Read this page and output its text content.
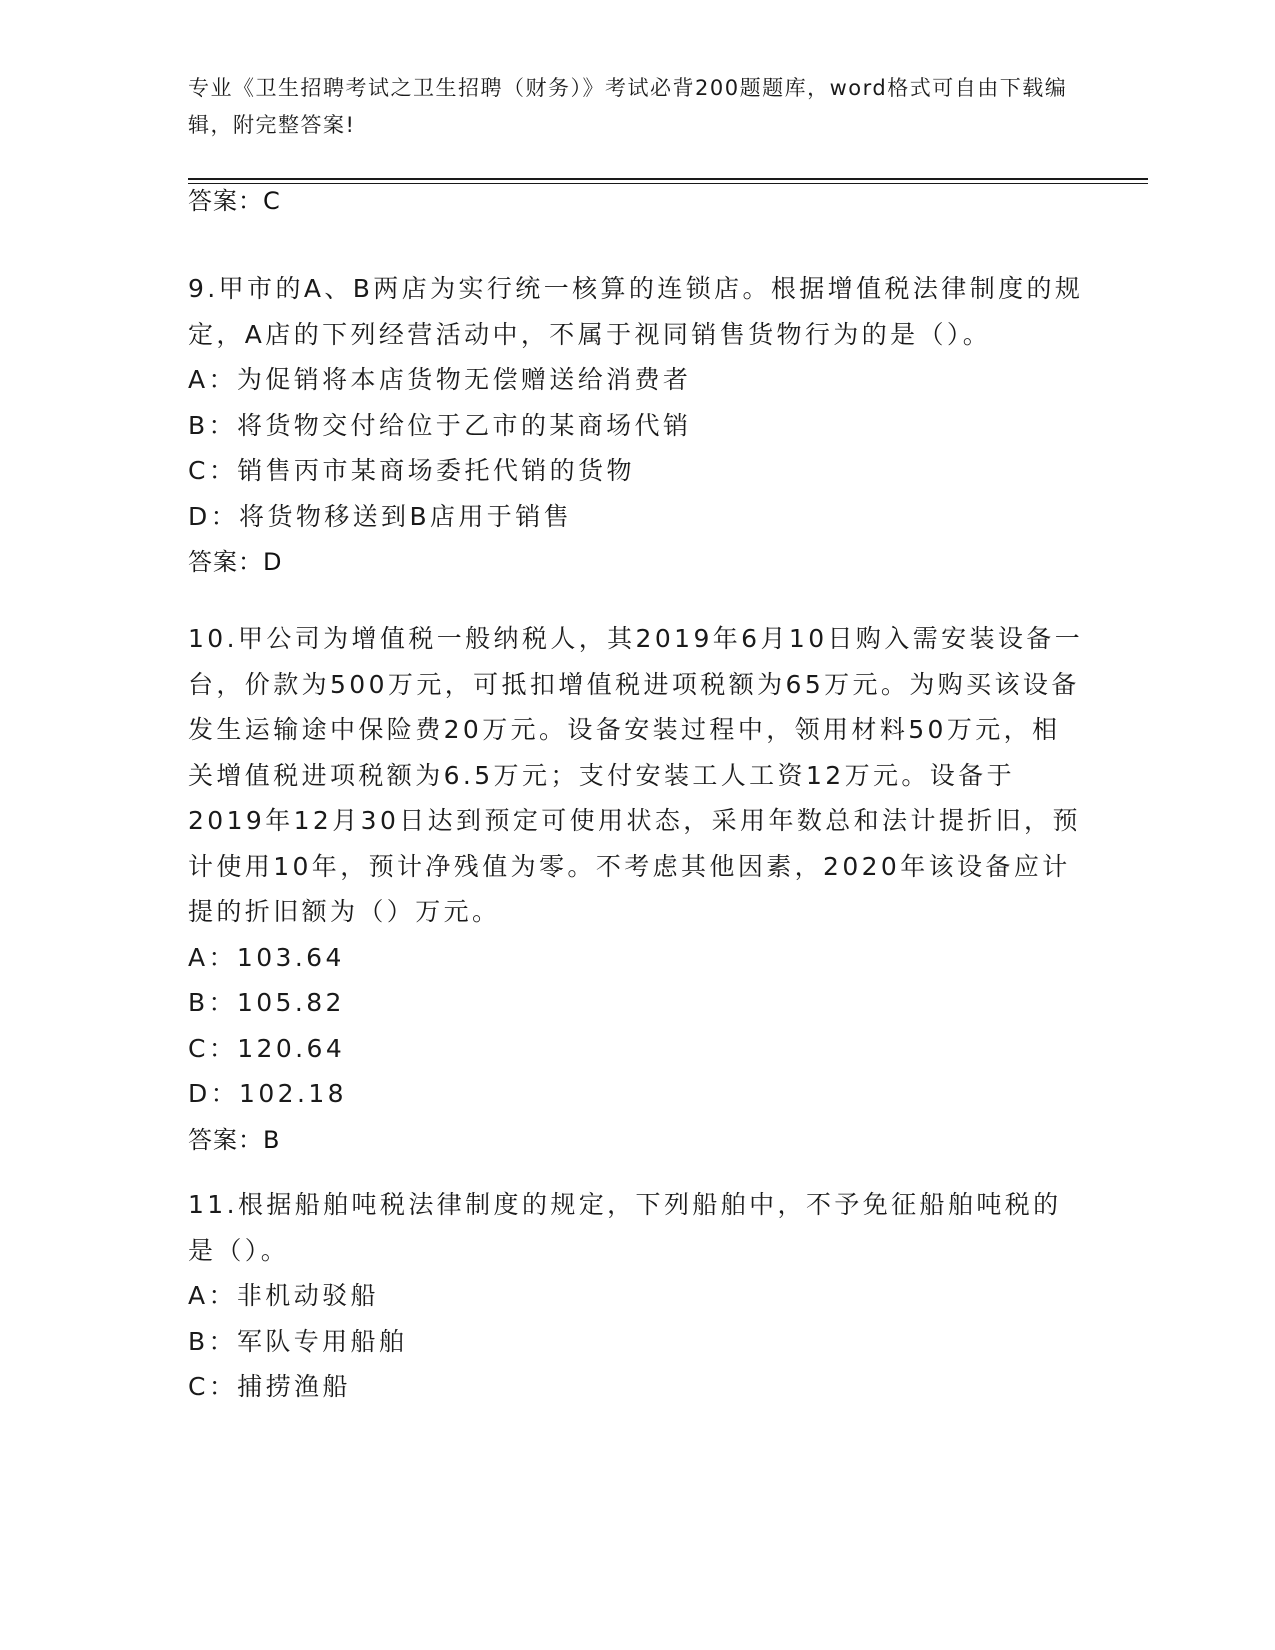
专业《卫生招聘考试之卫生招聘（财务）》考试必背200题题库，word格式可自由下载编辑，附完整答案!
答案：C
9.甲市的A、B两店为实行统一核算的连锁店。根据增值税法律制度的规定，A店的下列经营活动中，不属于视同销售货物行为的是（）。
A：为促销将本店货物无偿赠送给消费者
B：将货物交付给位于乙市的某商场代销
C：销售丙市某商场委托代销的货物
D：将货物移送到B店用于销售
答案：D
10.甲公司为增值税一般纳税人，其2019年6月10日购入需安装设备一台，价款为500万元，可抵扣增值税进项税额为65万元。为购买该设备发生运输途中保险费20万元。设备安装过程中，领用材料50万元，相关增值税进项税额为6.5万元；支付安装工人工资12万元。设备于2019年12月30日达到预定可使用状态，采用年数总和法计提折旧，预计使用10年，预计净残值为零。不考虑其他因素，2020年该设备应计提的折旧额为（）万元。
A：103.64
B：105.82
C：120.64
D：102.18
答案：B
11.根据船舶吨税法律制度的规定，下列船舶中，不予免征船舶吨税的是（）。
A：非机动驳船
B：军队专用船舶
C：捕捞渔船
